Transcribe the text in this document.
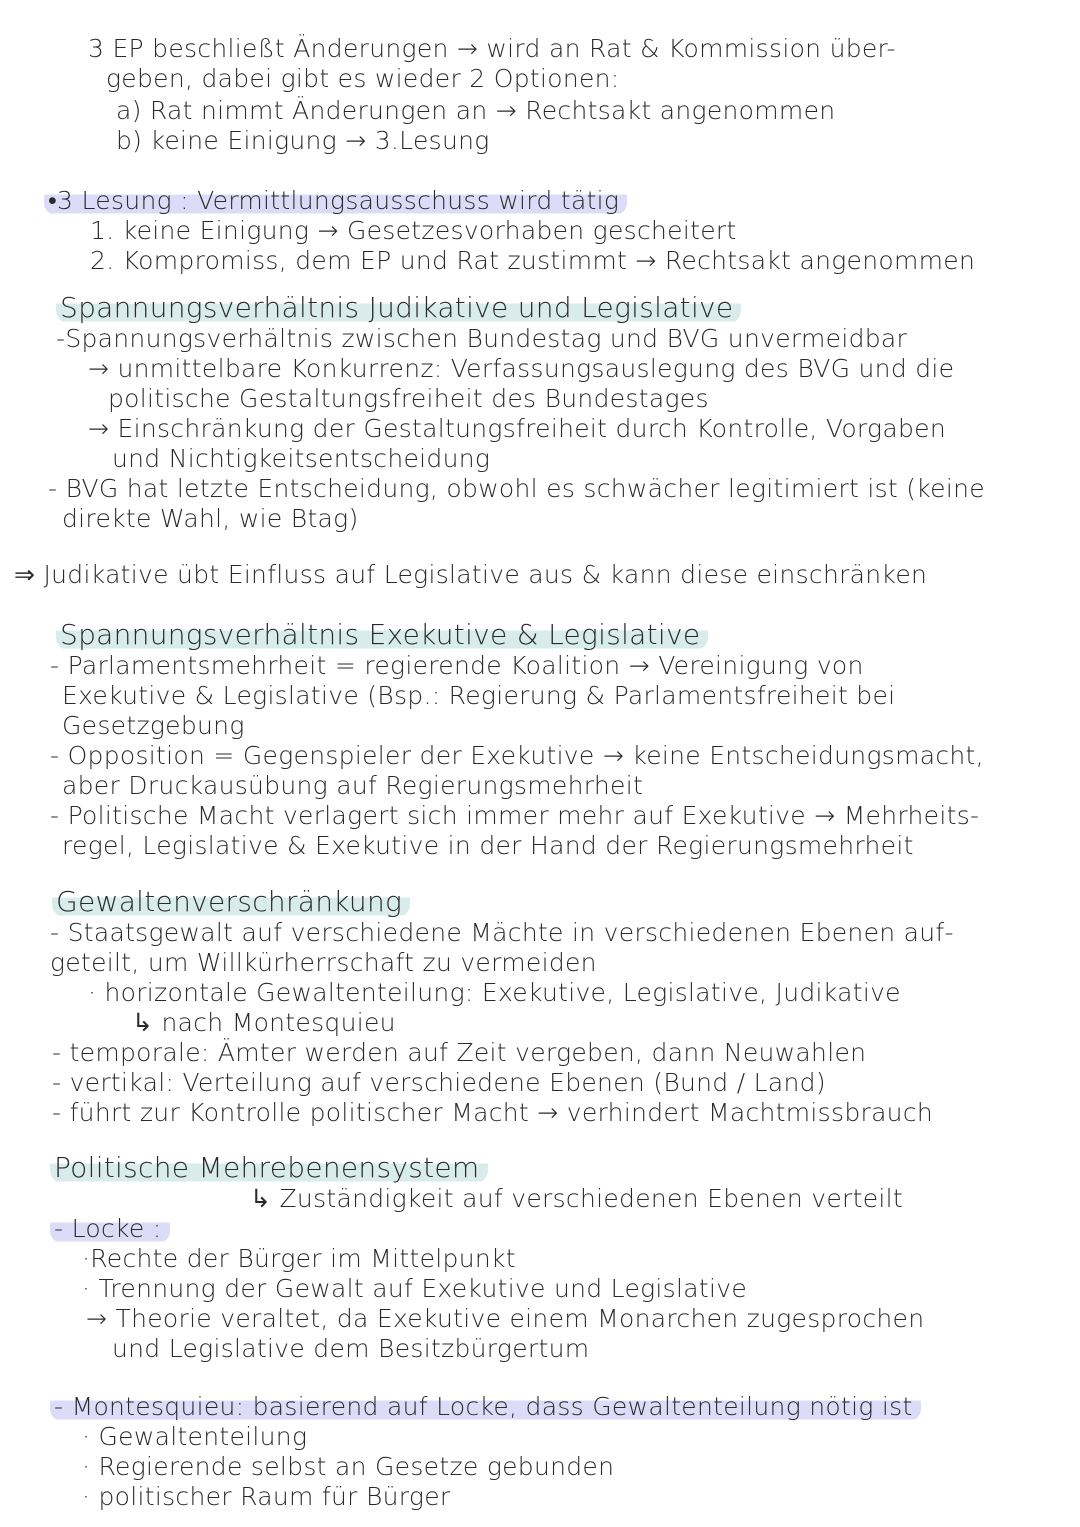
3 EP beschließt Änderungen → wird an Rat & Kommission über-
geben, dabei gibt es wieder 2 Optionen:
a) Rat nimmt Änderungen an → Rechtsakt angenommen
b) keine Einigung → 3.Lesung
•3 Lesung : Vermittlungsausschuss wird tätig
1. keine Einigung → Gesetzesvorhaben gescheitert
2. Kompromiss, dem EP und Rat zustimmt → Rechtsakt angenommen
Spannungsverhältnis Judikative und Legislative
-Spannungsverhältnis zwischen Bundestag und BVG unvermeidbar
→ unmittelbare Konkurrenz: Verfassungsauslegung des BVG und die
politische Gestaltungsfreiheit des Bundestages
→ Einschränkung der Gestaltungsfreiheit durch Kontrolle, Vorgaben
und Nichtigkeitsentscheidung
- BVG hat letzte Entscheidung, obwohl es schwächer legitimiert ist (keine
direkte Wahl, wie Btag)
⇒ Judikative übt Einfluss auf Legislative aus & kann diese einschränken
Spannungsverhältnis Exekutive & Legislative
- Parlamentsmehrheit = regierende Koalition → Vereinigung von
Exekutive & Legislative (Bsp.: Regierung & Parlamentsfreiheit bei
Gesetzgebung
- Opposition = Gegenspieler der Exekutive → keine Entscheidungsmacht,
aber Druckausübung auf Regierungsmehrheit
- Politische Macht verlagert sich immer mehr auf Exekutive → Mehrheits-
regel, Legislative & Exekutive in der Hand der Regierungsmehrheit
Gewaltenverschränkung
- Staatsgewalt auf verschiedene Mächte in verschiedenen Ebenen auf-
geteilt, um Willkürherrschaft zu vermeiden
· horizontale Gewaltenteilung: Exekutive, Legislative, Judikative
↳ nach Montesquieu
- temporale: Ämter werden auf Zeit vergeben, dann Neuwahlen
- vertikal: Verteilung auf verschiedene Ebenen (Bund / Land)
- führt zur Kontrolle politischer Macht → verhindert Machtmissbrauch
Politische Mehrebenensystem
↳ Zuständigkeit auf verschiedenen Ebenen verteilt
- Locke :
·Rechte der Bürger im Mittelpunkt
· Trennung der Gewalt auf Exekutive und Legislative
→ Theorie veraltet, da Exekutive einem Monarchen zugesprochen
und Legislative dem Besitzbürgertum
- Montesquieu: basierend auf Locke, dass Gewaltenteilung nötig ist
· Gewaltenteilung
· Regierende selbst an Gesetze gebunden
· politischer Raum für Bürger
